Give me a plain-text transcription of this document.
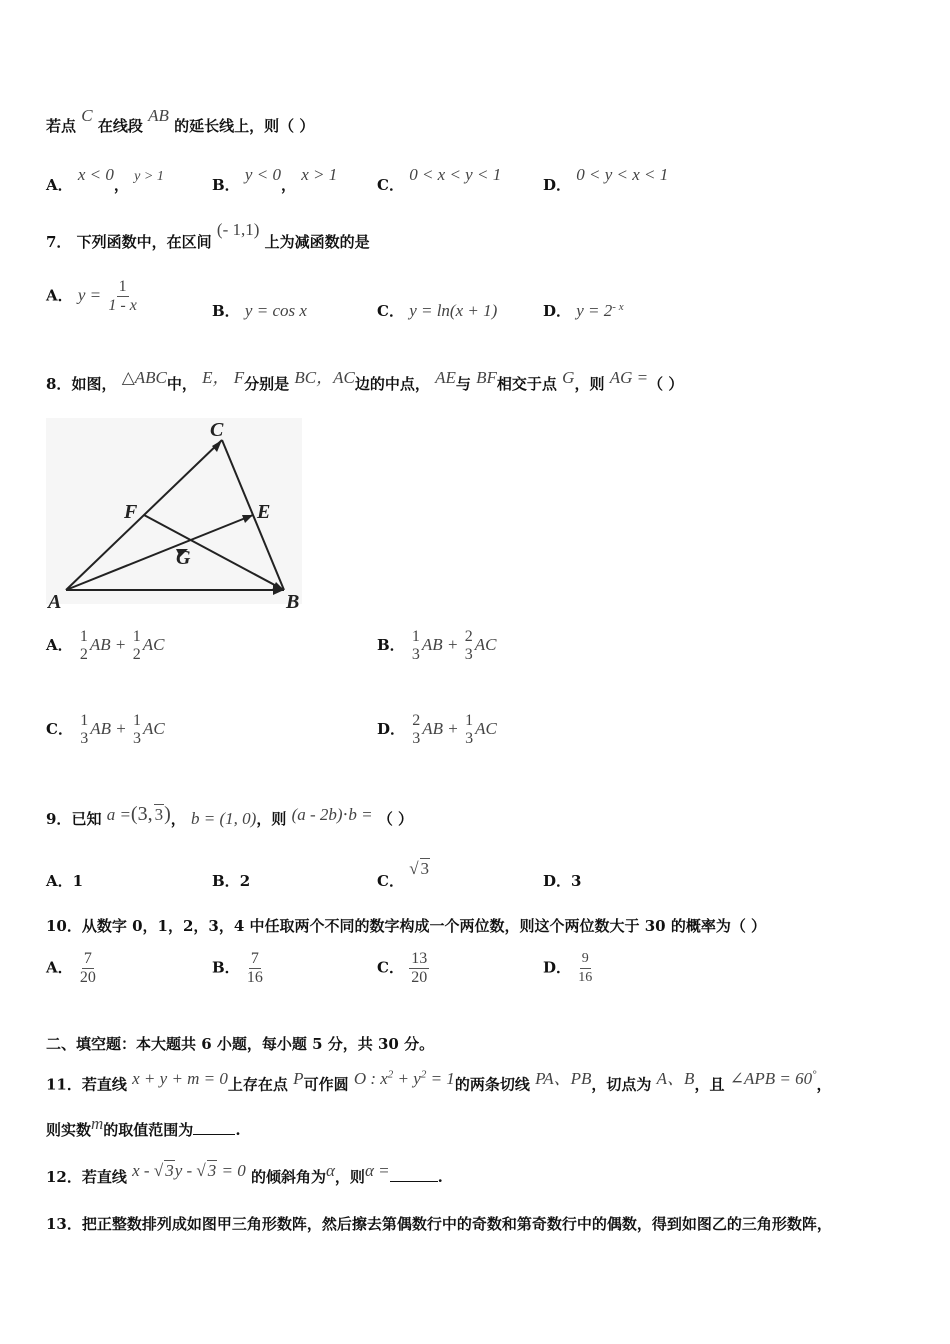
若点 C 在线段 AB 的延长线上，则（ ）
A． x < 0， y > 1	B． y < 0， x > 1
C． 0 < x < y < 1
D． 0 < y < x < 1
7． 下列函数中，在区间 (- 1,1) 上为减函数的是
A． $y = \frac{1}{1 - x}$	B． y = cos x	C． y = ln(x + 1)	D． $y = 2^{- x}$
8．如图， △ABC中， E， F分别是 BC，AC边的中点， AE与 BF相交于点 G，则 AG =（ ）
A	B
C
E
F
G
A． 1
2
AB + 1
2
AC	B． 1
3
AB + 2
3
AC
C． 1
3
AB + 1
3
AC	D． 2
3
AB + 1
3
AC
9．已知 a =(3, 3)， b = (1, 0)，则 (a - 2b)⋅b = （ ）
A．1	B．2	C． √ 3
D．3
10．从数字 0，1，2，3，4 中任取两个不同的数字构成一个两位数，则这个两位数大于 30 的概率为（ ）
A． $\frac{7}{20}$	B． $\frac{7}{16}$	C． $\frac{13}{20}$	D． $\frac{9}{16}$
二、填空题：本大题共 6 小题，每小题 5 分，共 30 分。
11．若直线 x + y + m = 0上存在点 P可作圆 O : $x^2 + y^2 = 1$的两条切线 PA、PB，切点为 A、B，且 ∠APB = 60°，
则实数m的取值范围为	.
12．若直线 x - √ 3y - √ 3 = 0 的倾斜角为α，则α =	.
13．把正整数排列成如图甲三角形数阵，然后擦去第偶数行中的奇数和第奇数行中的偶数，得到如图乙的三角形数阵，
